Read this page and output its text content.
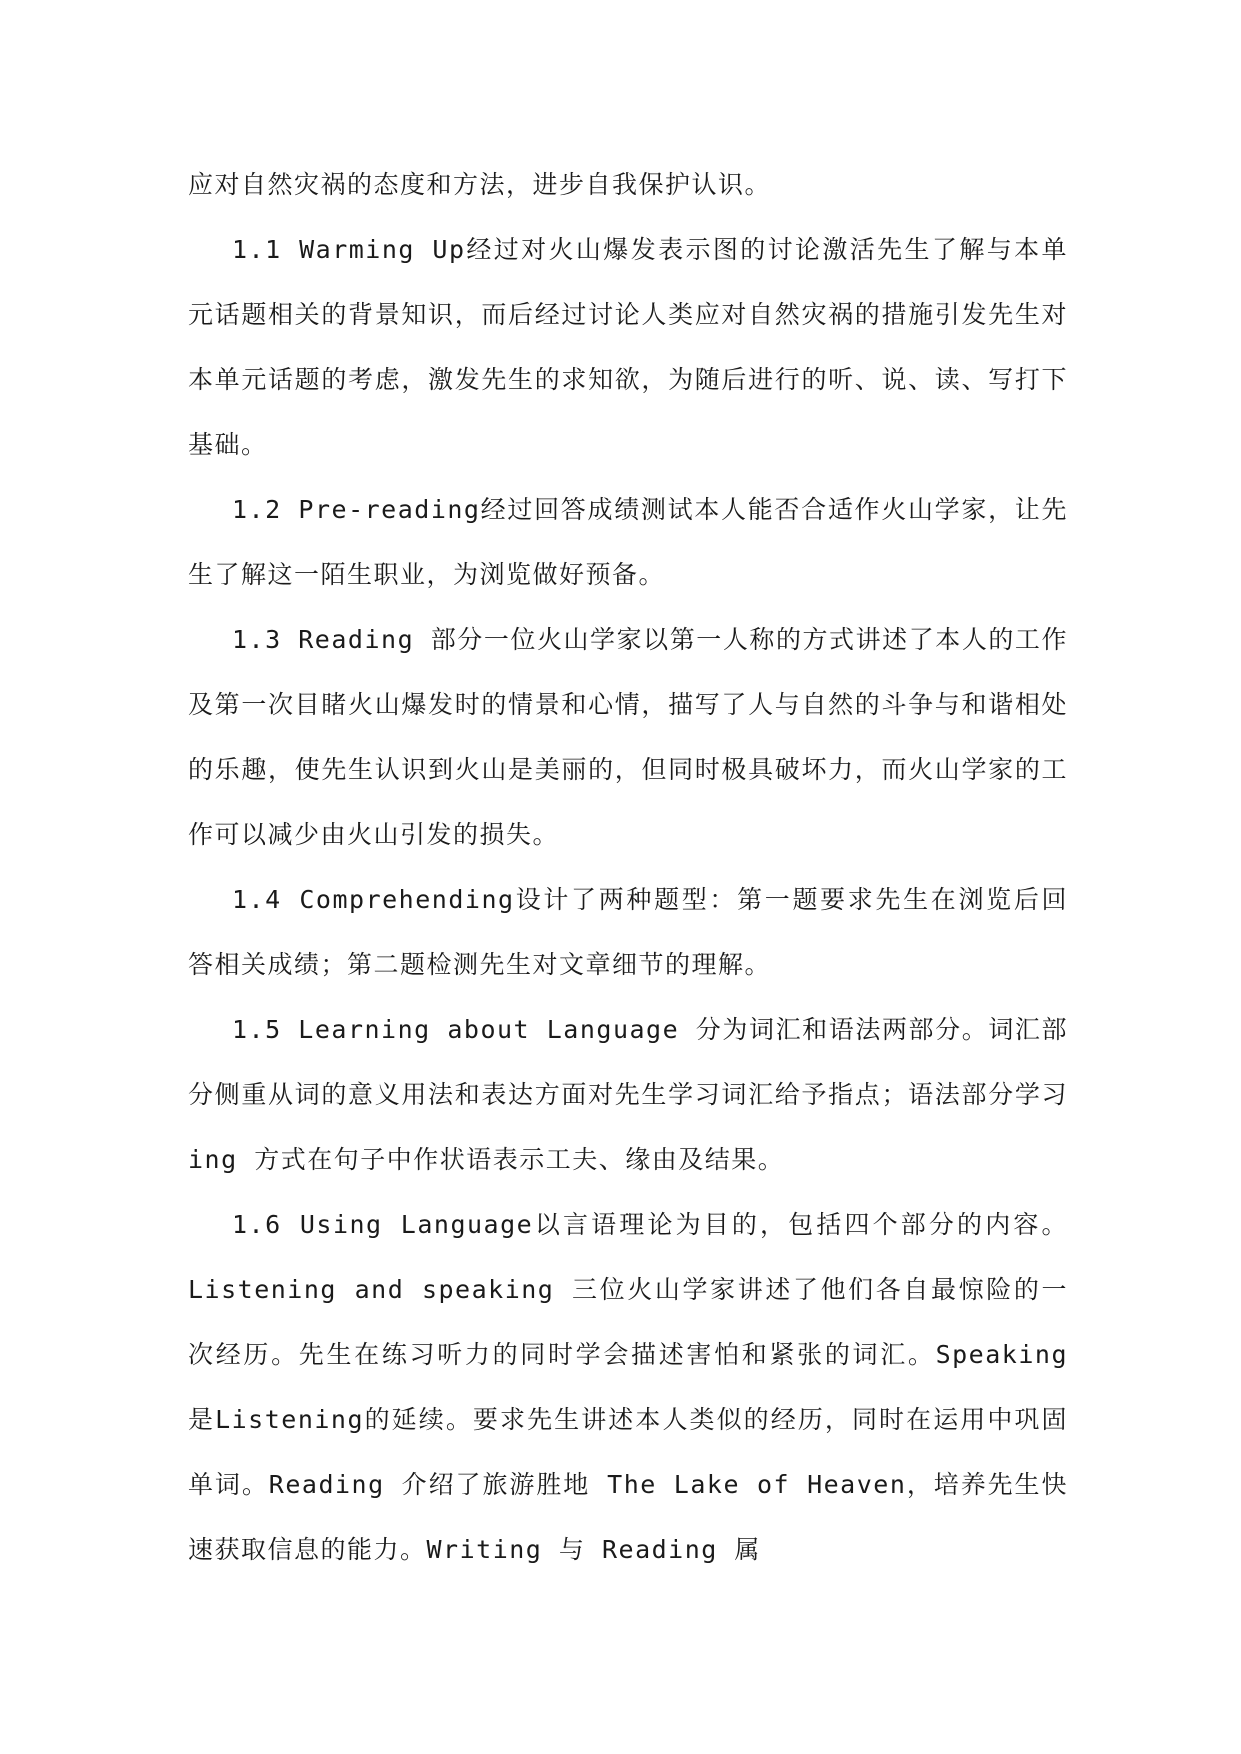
应对自然灾祸的态度和方法，进步自我保护认识。

1.1 Warming Up经过对火山爆发表示图的讨论激活先生了解与本单元话题相关的背景知识，而后经过讨论人类应对自然灾祸的措施引发先生对本单元话题的考虑，激发先生的求知欲，为随后进行的听、说、读、写打下基础。

1.2 Pre-reading经过回答成绩测试本人能否合适作火山学家，让先生了解这一陌生职业，为浏览做好预备。

1.3 Reading 部分一位火山学家以第一人称的方式讲述了本人的工作及第一次目睹火山爆发时的情景和心情，描写了人与自然的斗争与和谐相处的乐趣，使先生认识到火山是美丽的，但同时极具破坏力，而火山学家的工作可以减少由火山引发的损失。

1.4 Comprehending设计了两种题型：第一题要求先生在浏览后回答相关成绩；第二题检测先生对文章细节的理解。

1.5 Learning about Language 分为词汇和语法两部分。词汇部分侧重从词的意义用法和表达方面对先生学习词汇给予指点；语法部分学习 ing 方式在句子中作状语表示工夫、缘由及结果。

1.6 Using Language以言语理论为目的，包括四个部分的内容。Listening and speaking 三位火山学家讲述了他们各自最惊险的一次经历。先生在练习听力的同时学会描述害怕和紧张的词汇。Speaking 是Listening的延续。要求先生讲述本人类似的经历，同时在运用中巩固单词。Reading 介绍了旅游胜地 The Lake of Heaven，培养先生快速获取信息的能力。Writing 与 Reading 属
